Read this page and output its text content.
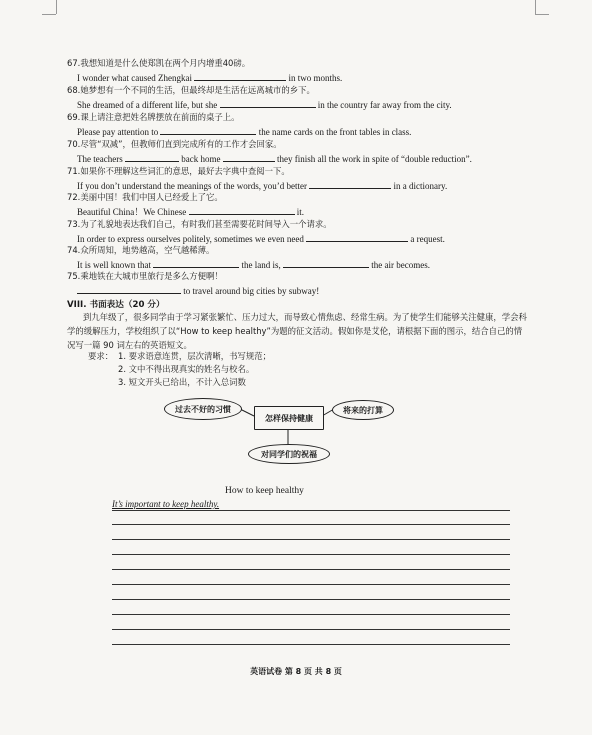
67.我想知道是什么使郑凯在两个月内增重40磅。
I wonder what caused Zhengkai	in two months.
68.她梦想有一个不同的生活，但最终却是生活在远离城市的乡下。
She dreamed of a different life, but she	in the country far away from the city.
69.课上请注意把姓名牌摆放在前面的桌子上。
Please pay attention to	the name cards on the front tables in class.
70.尽管“双减”，但教师们直到完成所有的工作才会回家。
The teachers	back home	they finish all the work in spite of “double reduction”.
71.如果你不理解这些词汇的意思，最好去字典中查阅一下。
If you don’t understand the meanings of the words, you’d better	in a dictionary.
72.美丽中国！我们中国人已经爱上了它。
Beautiful China！We Chinese	it.
73.为了礼貌地表达我们自己，有时我们甚至需要花时间导入一个请求。
In order to express ourselves politely, sometimes we even need	a request.
74.众所周知，地势越高，空气越稀薄。
It is well known that	the land is,	the air becomes.
75.乘地铁在大城市里旅行是多么方便啊！
to travel around big cities by subway!
VIII. 书面表达（20 分）
到九年级了，很多同学由于学习紧张繁忙、压力过大，而导致心情焦虑、经常生病。为了使学生们能够关注健康，学会科学的缓解压力，学校组织了以“How to keep healthy”为题的征文活动。假如你是艾伦，请根据下面的图示，结合自己的情况写一篇 90 词左右的英语短文。
要求： 1. 要求语意连贯，层次清晰，书写规范；
2. 文中不得出现真实的姓名与校名。
3. 短文开头已给出，不计入总词数
过去不好的习惯
怎样保持健康
将来的打算
对同学们的祝福
How to keep healthy
It’s important to keep healthy.
英语试卷 第 8 页 共 8 页
